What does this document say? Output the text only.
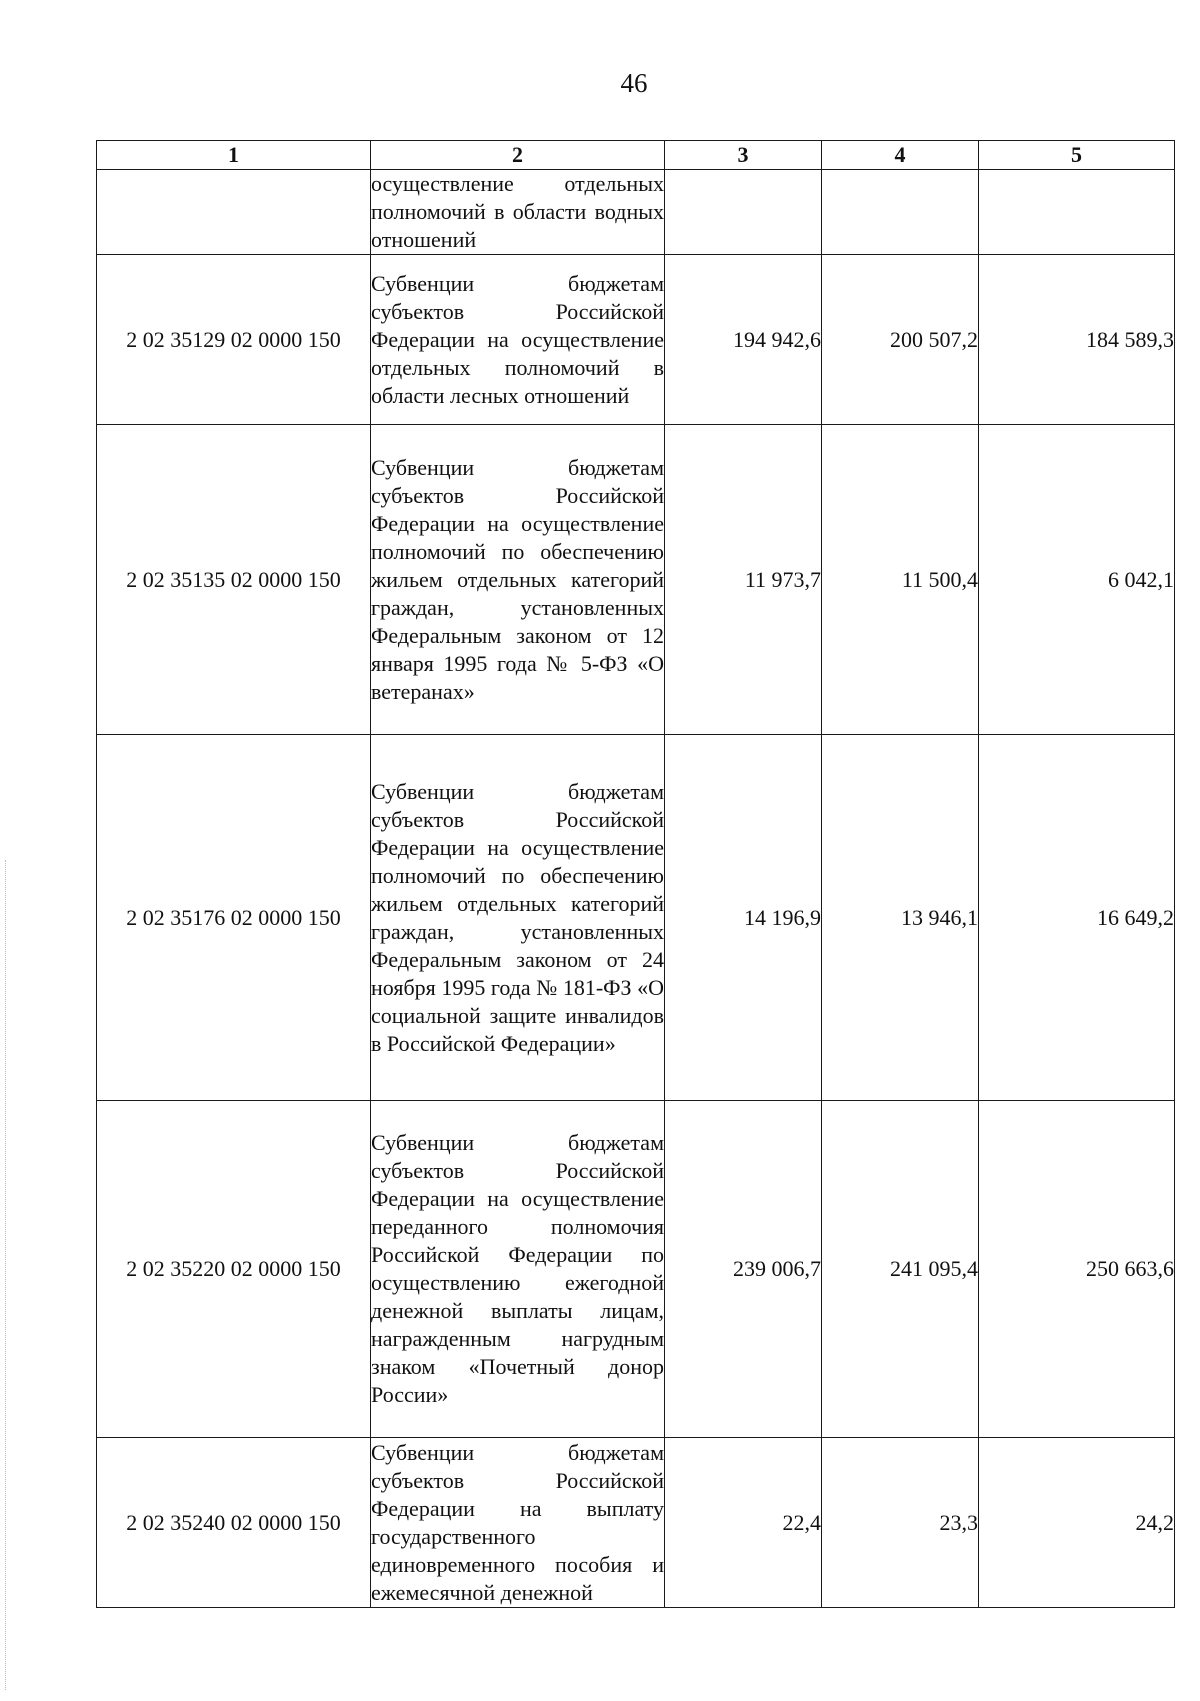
46
1	2	3	4	5
	осуществление отдельных полномочий в области водных отношений			
2 02 35129 02 0000 150	Субвенции бюджетам субъектов Российской Федерации на осуществление отдельных полномочий в области лесных отношений	194 942,6	200 507,2	184 589,3
2 02 35135 02 0000 150	Субвенции бюджетам субъектов Российской Федерации на осуществление полномочий по обеспечению жильем отдельных категорий граждан, установленных Федеральным законом от 12 января 1995 года № 5-ФЗ «О ветеранах»	11 973,7	11 500,4	6 042,1
2 02 35176 02 0000 150	Субвенции бюджетам субъектов Российской Федерации на осуществление полномочий по обеспечению жильем отдельных категорий граждан, установленных Федеральным законом от 24 ноября 1995 года № 181-ФЗ «О социальной защите инвалидов в Российской Федерации»	14 196,9	13 946,1	16 649,2
2 02 35220 02 0000 150	Субвенции бюджетам субъектов Российской Федерации на осуществление переданного полномочия Российской Федерации по осуществлению ежегодной денежной выплаты лицам, награжденным нагрудным знаком «Почетный донор России»	239 006,7	241 095,4	250 663,6
2 02 35240 02 0000 150	Субвенции бюджетам субъектов Российской Федерации на выплату государственного единовременного пособия и ежемесячной денежной	22,4	23,3	24,2
